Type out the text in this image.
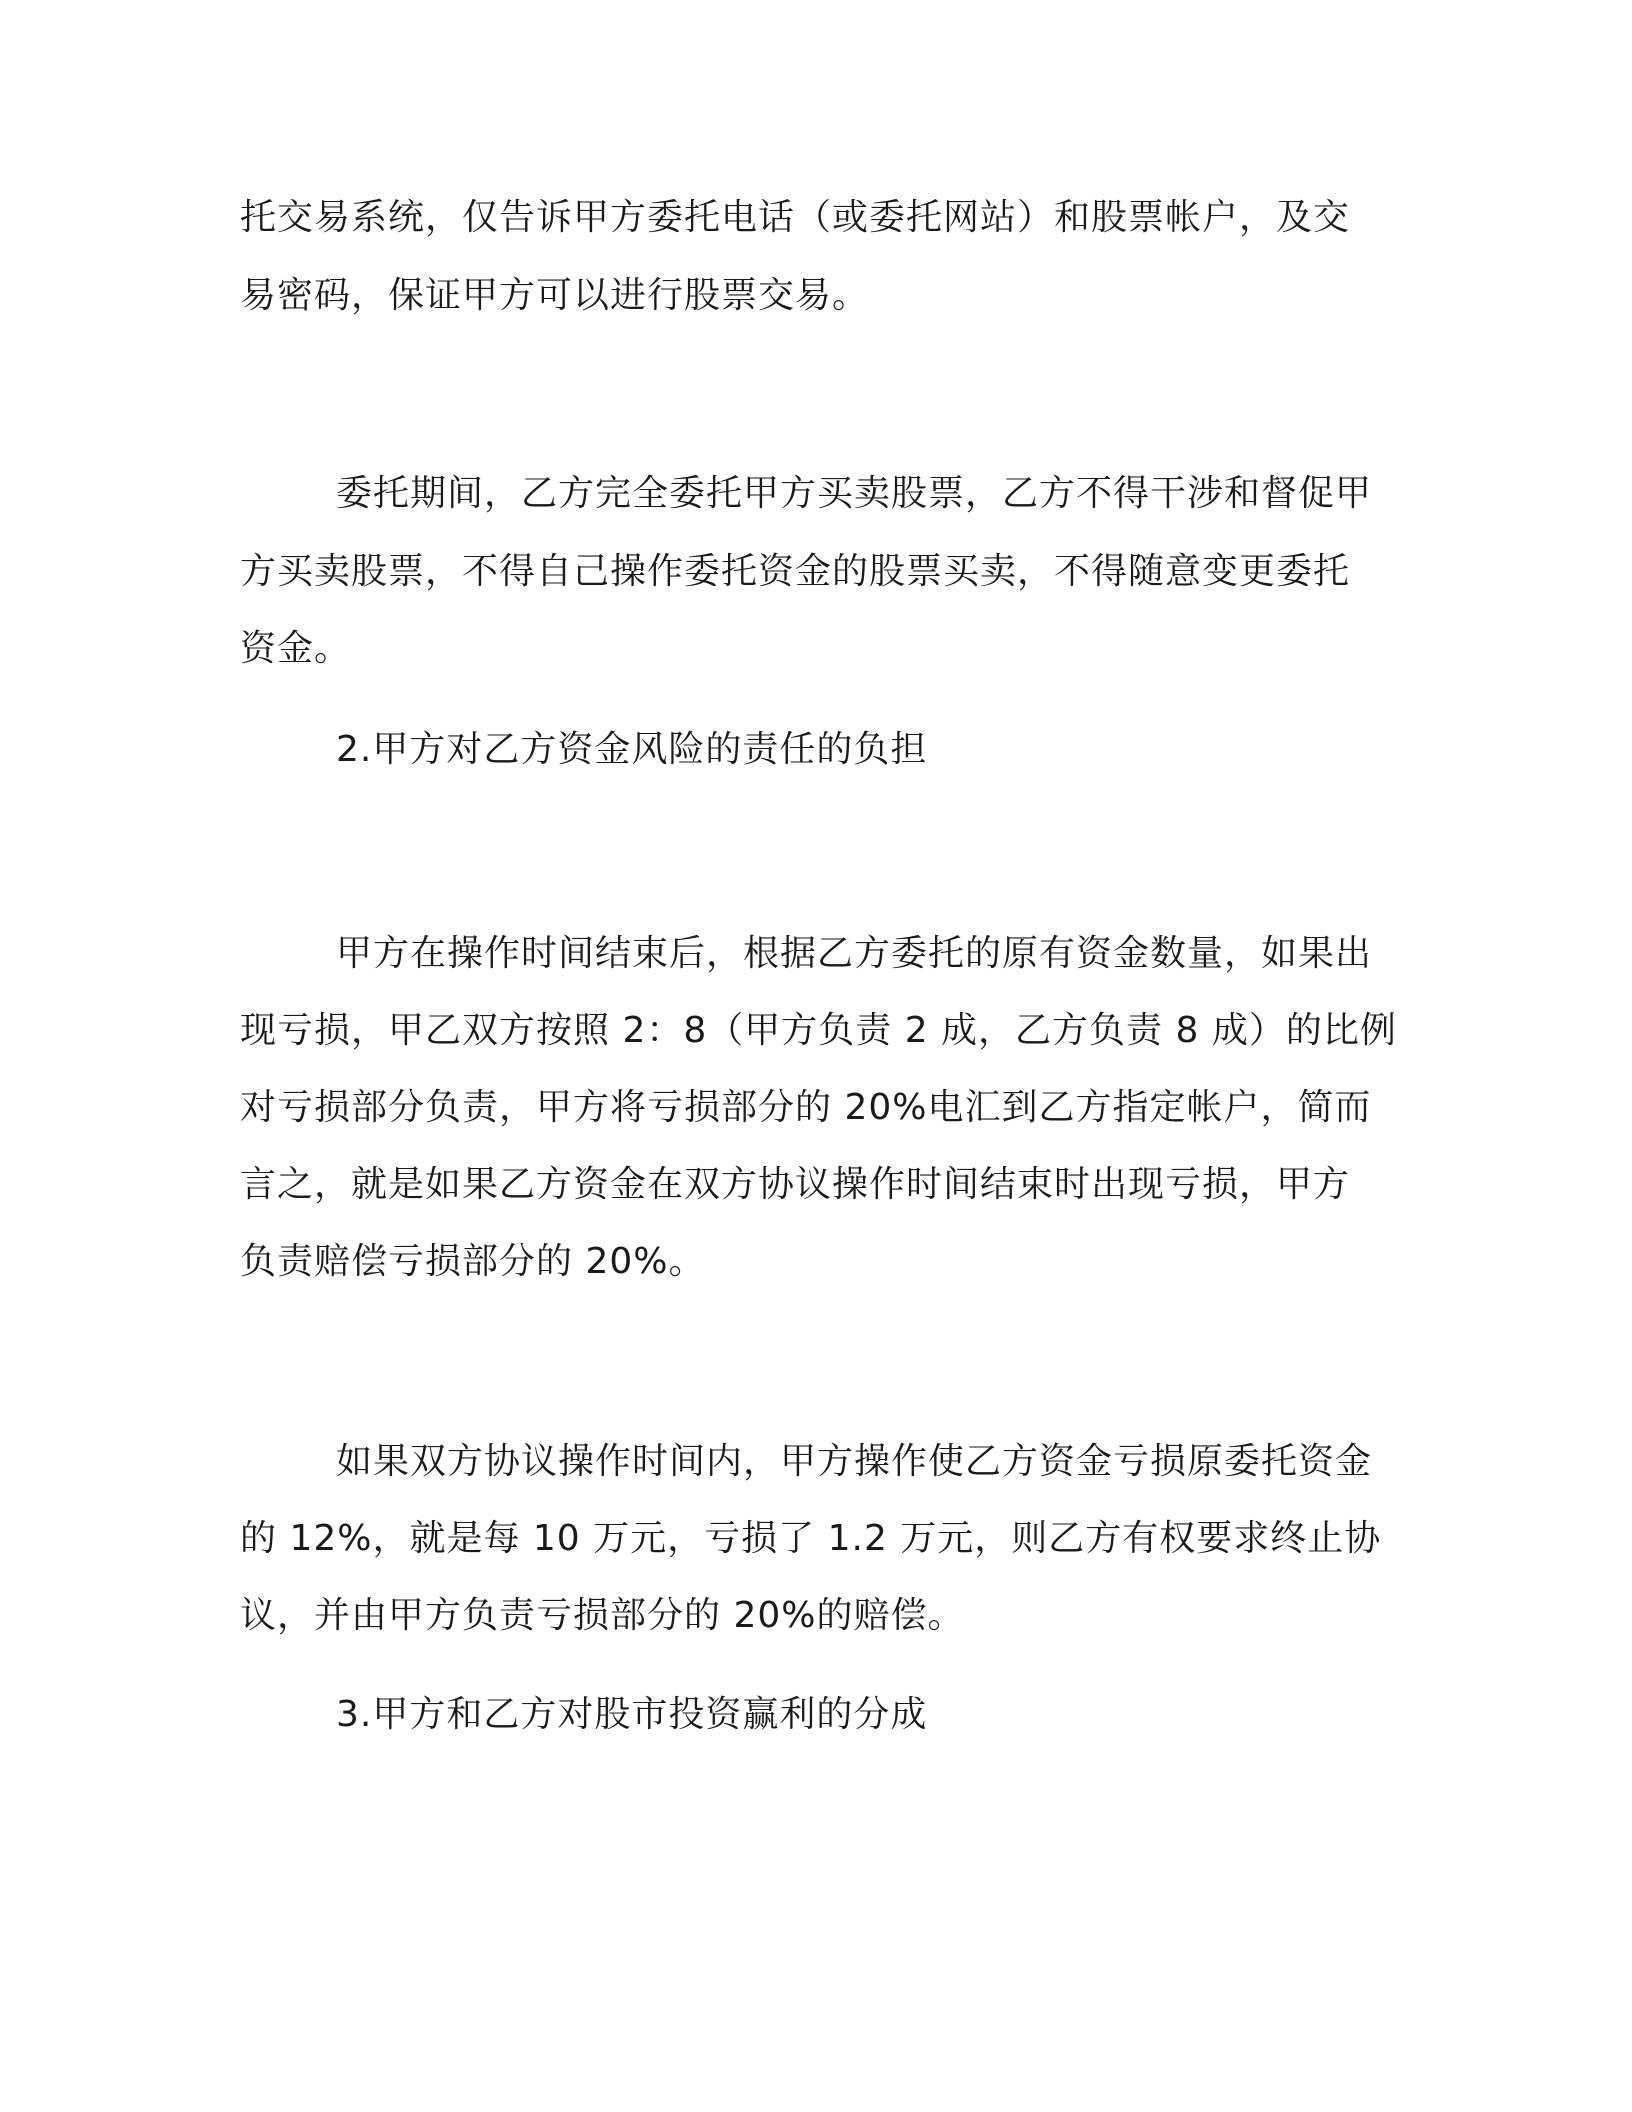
托交易系统，仅告诉甲方委托电话（或委托网站）和股票帐户，及交
易密码，保证甲方可以进行股票交易。
委托期间，乙方完全委托甲方买卖股票，乙方不得干涉和督促甲
方买卖股票，不得自己操作委托资金的股票买卖，不得随意变更委托
资金。
2.甲方对乙方资金风险的责任的负担
甲方在操作时间结束后，根据乙方委托的原有资金数量，如果出
现亏损，甲乙双方按照 2：8（甲方负责 2 成，乙方负责 8 成）的比例
对亏损部分负责，甲方将亏损部分的 20%电汇到乙方指定帐户，简而
言之，就是如果乙方资金在双方协议操作时间结束时出现亏损，甲方
负责赔偿亏损部分的 20%。
如果双方协议操作时间内，甲方操作使乙方资金亏损原委托资金
的 12%，就是每 10 万元，亏损了 1.2 万元，则乙方有权要求终止协
议，并由甲方负责亏损部分的 20%的赔偿。
3.甲方和乙方对股市投资赢利的分成
